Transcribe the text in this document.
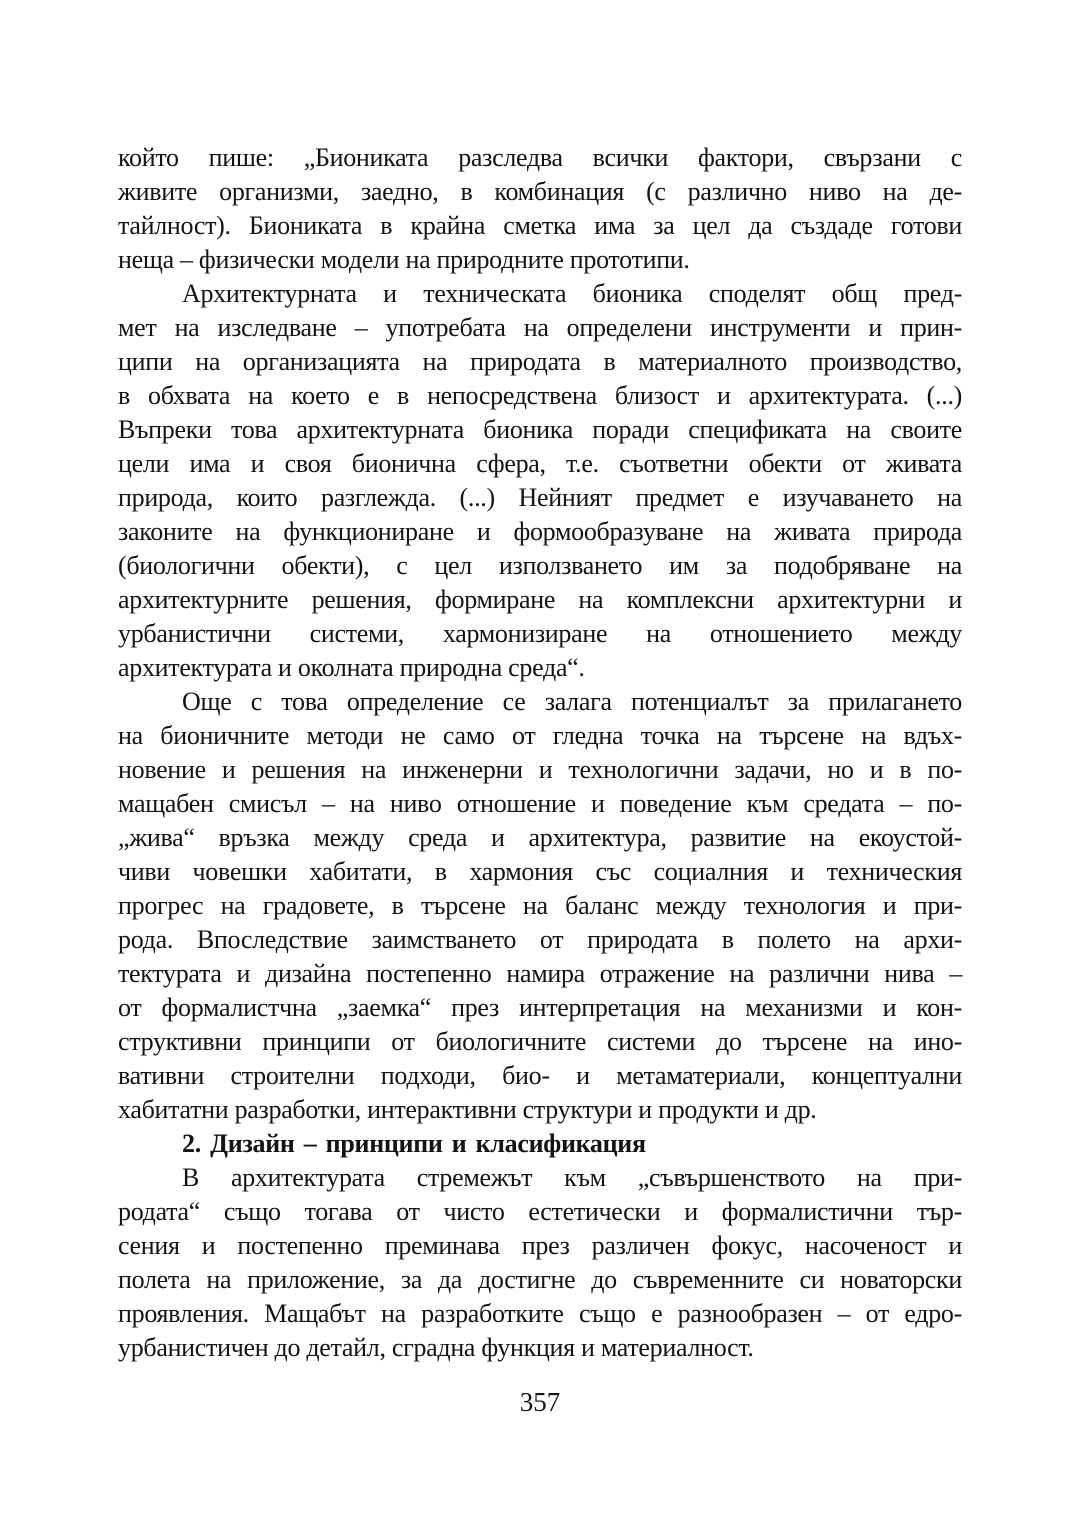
който пише: „Биониката разследва всички фактори, свързани с
живите организми, заедно, в комбинация (с различно ниво на де-
тайлност). Биониката в крайна сметка има за цел да създаде готови
неща – физически модели на природните прототипи.
Архитектурната и техническата бионика споделят общ пред-
мет на изследване – употребата на определени инструменти и прин-
ципи на организацията на природата в материалното производство,
в обхвата на което е в непосредствена близост и архитектурата. (...)
Въпреки това архитектурната бионика поради спецификата на своите
цели има и своя бионична сфера, т.е. съответни обекти от живата
природа, които разглежда. (...) Нейният предмет е изучаването на
законите на функциониране и формообразуване на живата природа
(биологични обекти), с цел използването им за подобряване на
архитектурните решения, формиране на комплексни архитектурни и
урбанистични системи, хармонизиране на отношението между
архитектурата и околната природна среда“.
Още с това определение се залага потенциалът за прилагането
на бионичните методи не само от гледна точка на търсене на вдъх-
новение и решения на инженерни и технологични задачи, но и в по-
мащабен смисъл – на ниво отношение и поведение към средата – по-
„жива“ връзка между среда и архитектура, развитие на екоустой-
чиви човешки хабитати, в хармония със социалния и техническия
прогрес на градовете, в търсене на баланс между технология и при-
рода. Впоследствие заимстването от природата в полето на архи-
тектурата и дизайна постепенно намира отражение на различни нива –
от формалистчна „заемка“ през интерпретация на механизми и кон-
структивни принципи от биологичните системи до търсене на ино-
вативни строителни подходи, био- и метаматериали, концептуални
хабитатни разработки, интерактивни структури и продукти и др.
2. Дизайн – принципи и класификация
В архитектурата стремежът към „съвършенството на при-
родата“ също тогава от чисто естетически и формалистични тър-
сения и постепенно преминава през различен фокус, насоченост и
полета на приложение, за да достигне до съвременните си новаторски
проявления. Мащабът на разработките също е разнообразен – от едро-
урбанистичен до детайл, сградна функция и материалност.
357
